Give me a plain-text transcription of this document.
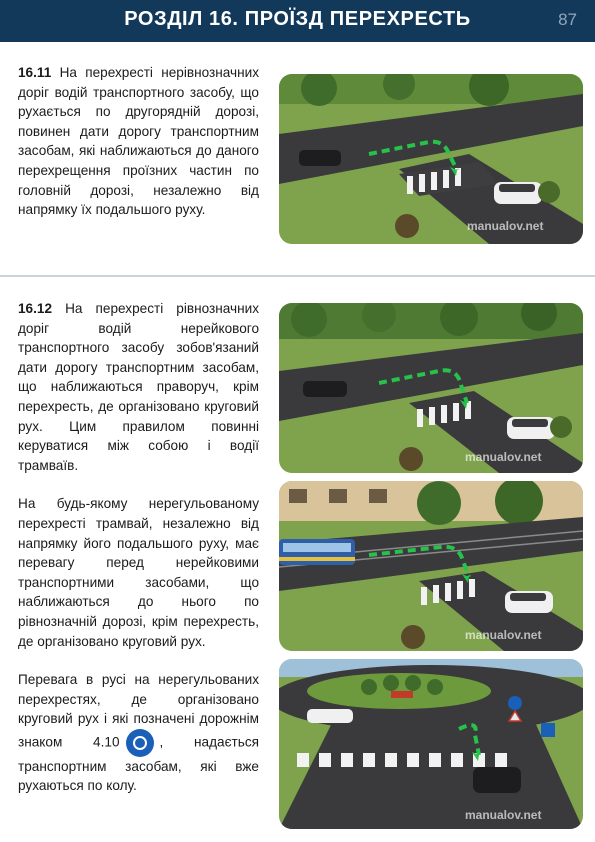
РОЗДІЛ 16. ПРОЇЗД ПЕРЕХРЕСТЬ	87

16.11 На перехресті нерівнозначних доріг водій транспортного засобу, що рухається по другорядній дорозі, повинен дати дорогу транспортним засобам, які наближаються до даного перехрещення проїзних частин по головній дорозі, незалежно від напрямку їх подальшого руху.

16.12 На перехресті рівнозначних доріг водій нерейкового транспортного засобу зобов'язаний дати дорогу транспортним засобам, що наближаються праворуч, крім перехресть, де організовано круговий рух. Цим правилом повинні керуватися між собою і водії трамваїв.

На будь-якому нерегульованому перехресті трамвай, незалежно від напрямку його подальшого руху, має перевагу перед нерейковими транспортними засобами, що наближаються до нього по рівнозначній дорозі, крім перехресть, де організовано круговий рух.

Перевага в русі на нерегульованих перехрестях, де організовано круговий рух і які позначені дорожнім знаком 4.10	, надається транспортним засобам, які вже рухаються по колу.

manualov.net
manualov.net
manualov.net
manualov.net
